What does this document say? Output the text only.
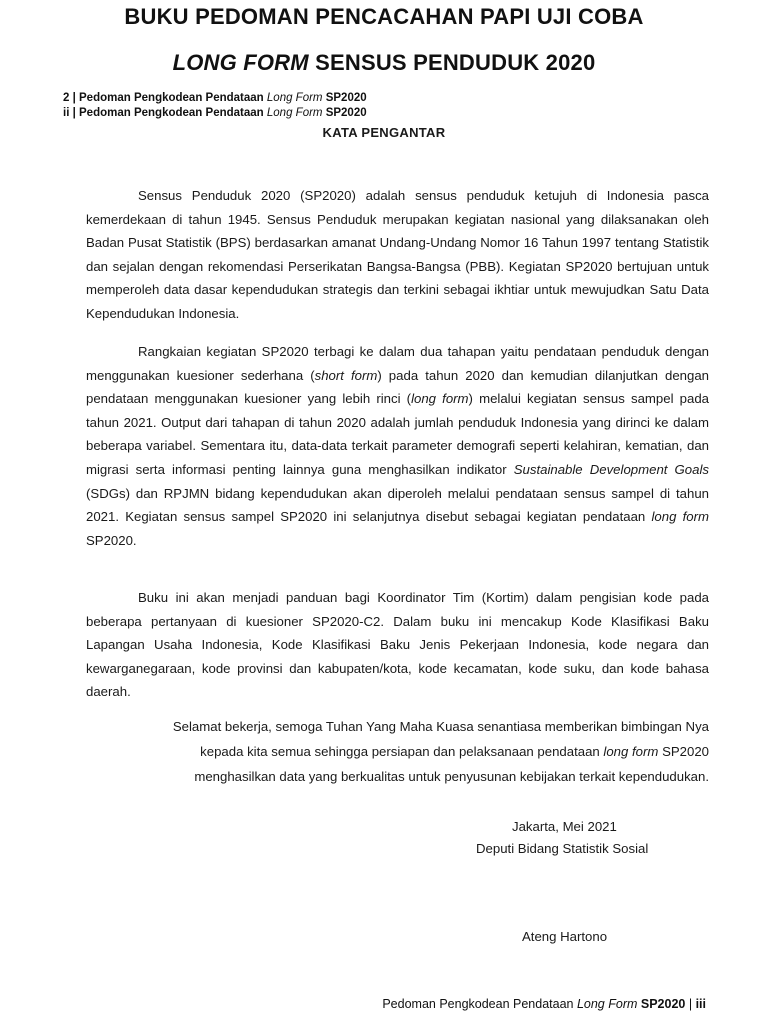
BUKU PEDOMAN PENCACAHAN PAPI UJI COBA
LONG FORM SENSUS PENDUDUK 2020
2 | Pedoman Pengkodean Pendataan Long Form SP2020
ii | Pedoman Pengkodean Pendataan Long Form SP2020
KATA PENGANTAR
Sensus Penduduk 2020 (SP2020) adalah sensus penduduk ketujuh di Indonesia pasca kemerdekaan di tahun 1945. Sensus Penduduk merupakan kegiatan nasional yang dilaksanakan oleh Badan Pusat Statistik (BPS) berdasarkan amanat Undang-Undang Nomor 16 Tahun 1997 tentang Statistik dan sejalan dengan rekomendasi Perserikatan Bangsa-Bangsa (PBB). Kegiatan SP2020 bertujuan untuk memperoleh data dasar kependudukan strategis dan terkini sebagai ikhtiar untuk mewujudkan Satu Data Kependudukan Indonesia.
Rangkaian kegiatan SP2020 terbagi ke dalam dua tahapan yaitu pendataan penduduk dengan menggunakan kuesioner sederhana (short form) pada tahun 2020 dan kemudian dilanjutkan dengan pendataan menggunakan kuesioner yang lebih rinci (long form) melalui kegiatan sensus sampel pada tahun 2021. Output dari tahapan di tahun 2020 adalah jumlah penduduk Indonesia yang dirinci ke dalam beberapa variabel. Sementara itu, data-data terkait parameter demografi seperti kelahiran, kematian, dan migrasi serta informasi penting lainnya guna menghasilkan indikator Sustainable Development Goals (SDGs) dan RPJMN bidang kependudukan akan diperoleh melalui pendataan sensus sampel di tahun 2021. Kegiatan sensus sampel SP2020 ini selanjutnya disebut sebagai kegiatan pendataan long form SP2020.
Buku ini akan menjadi panduan bagi Koordinator Tim (Kortim) dalam pengisian kode pada beberapa pertanyaan di kuesioner SP2020-C2. Dalam buku ini mencakup Kode Klasifikasi Baku Lapangan Usaha Indonesia, Kode Klasifikasi Baku Jenis Pekerjaan Indonesia, kode negara dan kewarganegaraan, kode provinsi dan kabupaten/kota, kode kecamatan, kode suku, dan kode bahasa daerah.
Selamat bekerja, semoga Tuhan Yang Maha Kuasa senantiasa memberikan bimbingan Nya
kepada kita semua sehingga persiapan dan pelaksanaan pendataan long form SP2020
menghasilkan data yang berkualitas untuk penyusunan kebijakan terkait kependudukan.
Jakarta, Mei 2021
Deputi Bidang Statistik Sosial
Ateng Hartono
Pedoman Pengkodean Pendataan Long Form SP2020 | iii
